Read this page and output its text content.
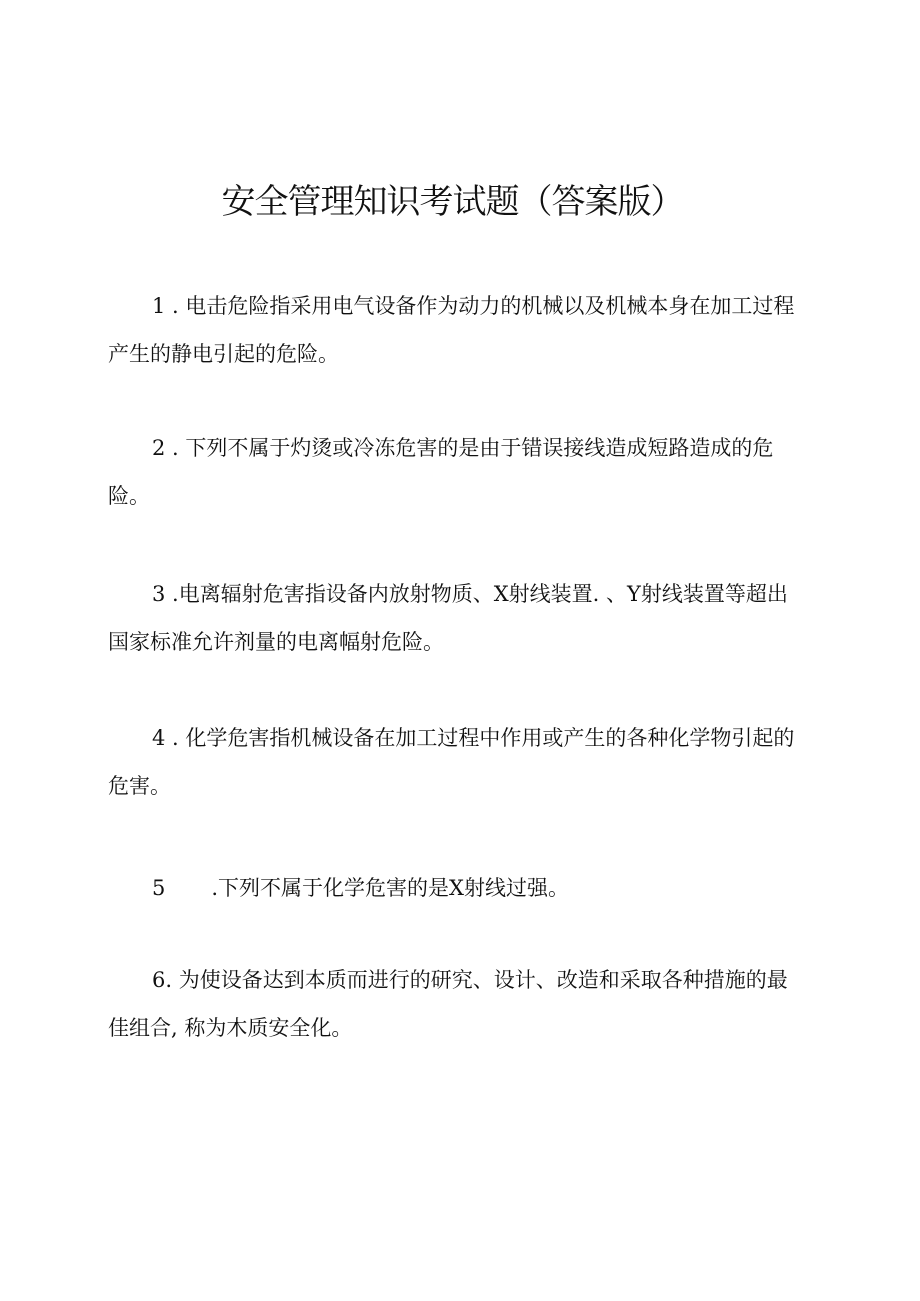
安全管理知识考试题（答案版）

1 . 电击危险指采用电气设备作为动力的机械以及机械本身在加工过程产生的静电引起的危险。

2 . 下列不属于灼烫或冷冻危害的是由于错误接线造成短路造成的危险。

3 .电离辐射危害指设备内放射物质、X射线装置. 、Y射线装置等超出国家标准允许剂量的电离幅射危险。

4 . 化学危害指机械设备在加工过程中作用或产生的各种化学物引起的危害。

5 .下列不属于化学危害的是X射线过强。

6. 为使设备达到本质而进行的研究、设计、改造和采取各种措施的最佳组合, 称为木质安全化。
